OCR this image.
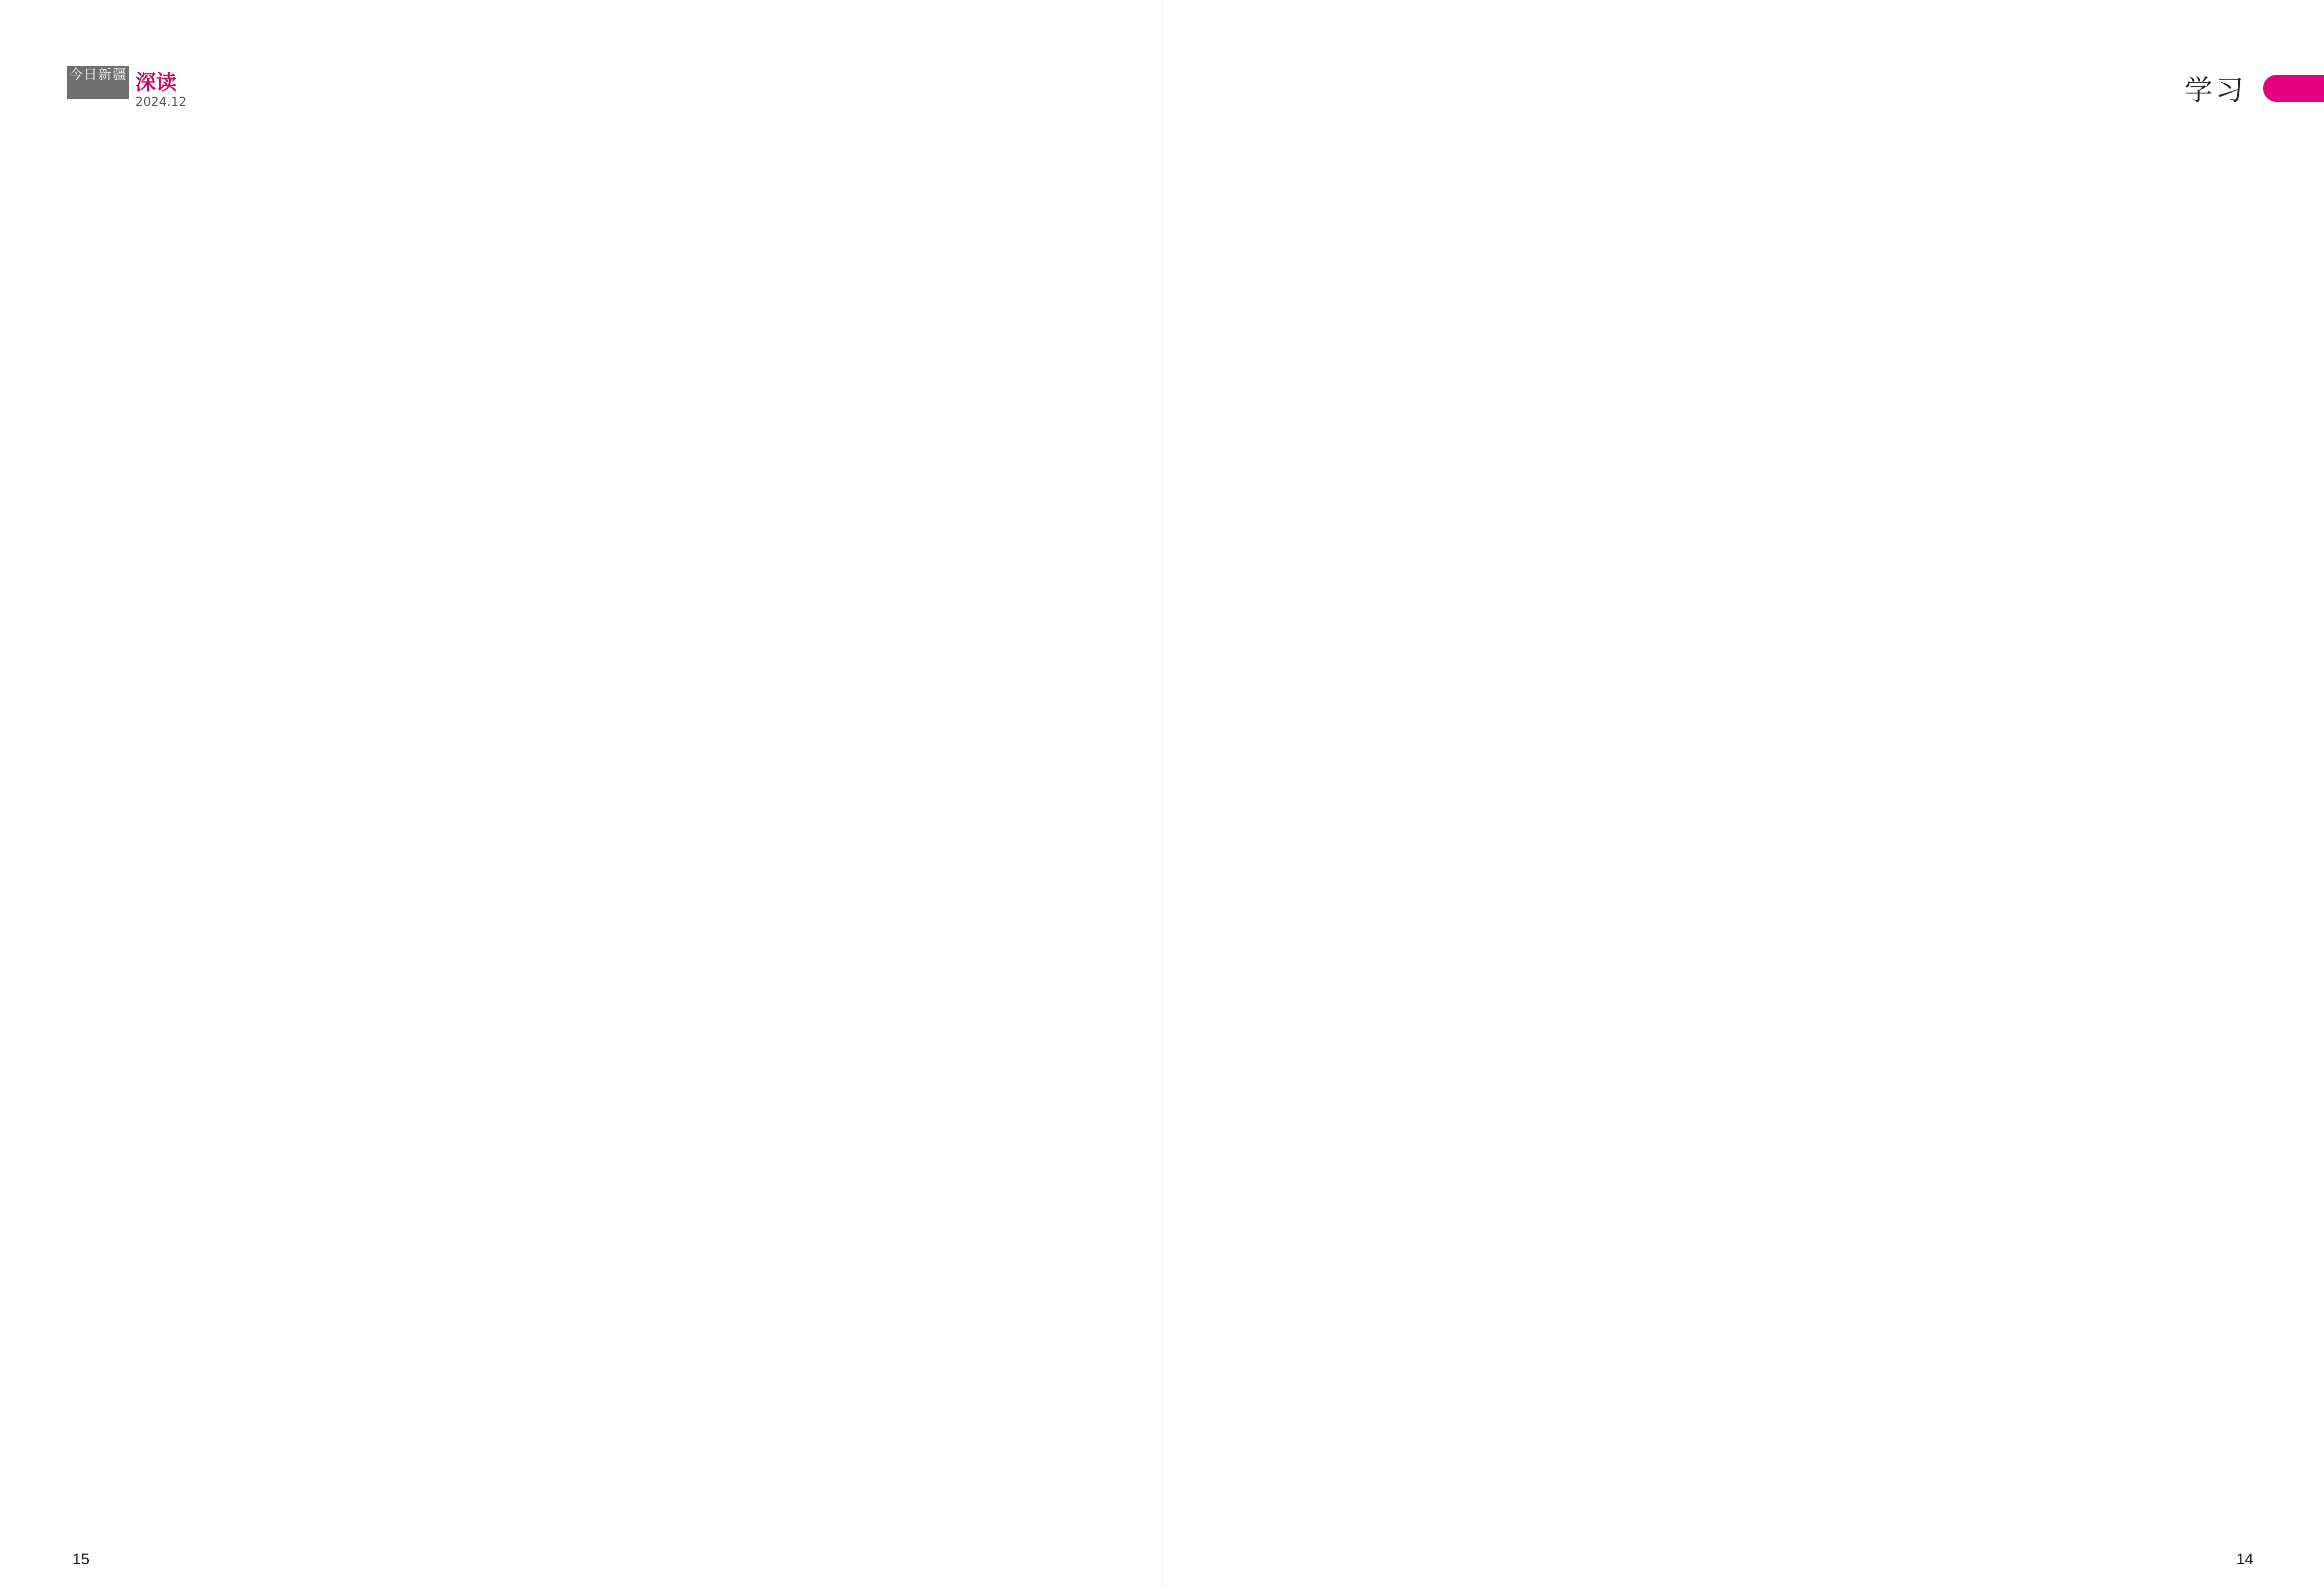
今日新疆 深读
2024.12	学习

15	14
